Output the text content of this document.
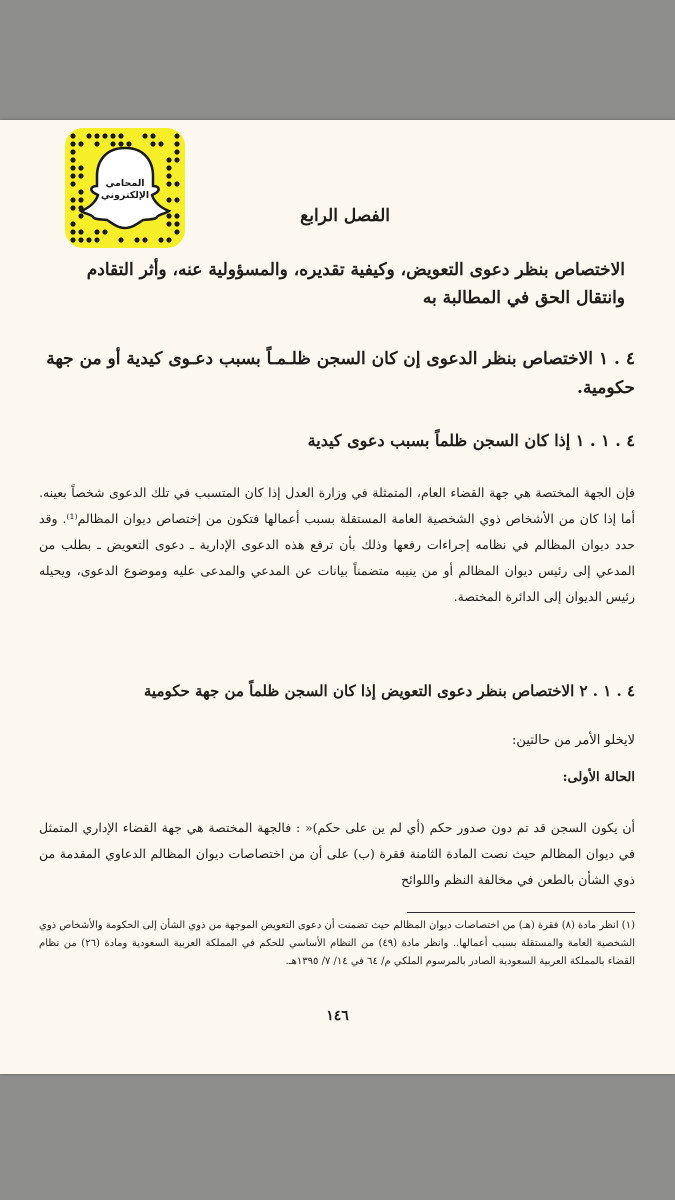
المحامي
الإلكتروني
الفصل الرابع
الاختصاص بنظر دعوى التعويض، وكيفية تقديره، والمسؤولية عنه، وأثر التقادم وانتقال الحق في المطالبة به
٤ . ١ الاختصاص بنظر الدعوى إن كان السجن ظلـمـاً بسبب دعـوى كيدية أو من جهة حكومية.
٤ . ١ . ١ إذا كان السجن ظلماً بسبب دعوى كيدية
فإن الجهة المختصة هي جهة القضاء العام، المتمثلة في وزارة العدل إذا كان المتسبب في تلك الدعوى شخصاً بعينه. أما إذا كان من الأشخاص ذوي الشخصية العامة المستقلة بسبب أعمالها فتكون من إختصاص ديوان المظالم⁽¹⁾. وقد حدد ديوان المظالم في نظامه إجراءات رفعها وذلك بأن ترفع هذه الدعوى الإدارية ـ دعوى التعويض ـ بطلب من المدعي إلى رئيس ديوان المظالم أو من ينيبه متضمناً بيانات عن المدعي والمدعى عليه وموضوع الدعوى، ويحيله رئيس الديوان إلى الدائرة المختصة.
٤ . ١ . ٢ الاختصاص بنظر دعوى التعويض إذا كان السجن ظلماً من جهة حكومية
لايخلو الأمر من حالتين:
الحالة الأولى:
أن يكون السجن قد تم دون صدور حكم (أي لم ين على حكم)« : فالجهة المختصة هي جهة القضاء الإداري المتمثل في ديوان المظالم حيث نصت المادة الثامنة فقرة (ب) على أن من اختصاصات ديوان المظالم الدعاوي المقدمة من ذوي الشأن بالطعن في مخالفة النظم واللوائح
(١) انظر مادة (٨) فقرة (هـ) من اختصاصات ديوان المظالم حيث تضمنت أن دعوى التعويض الموجهة من ذوي الشأن إلى الحكومة والأشخاص ذوي الشخصية العامة والمستقلة بسبب أعمالها.. وانظر مادة (٤٩) من النظام الأساسي للحكم في المملكة العربية السعودية ومادة (٢٦) من نظام القضاء بالمملكة العربية السعودية الصادر بالمرسوم الملكي م/ ٦٤ في ١٤/ ٧/ ١٣٩٥هـ.
١٤٦
